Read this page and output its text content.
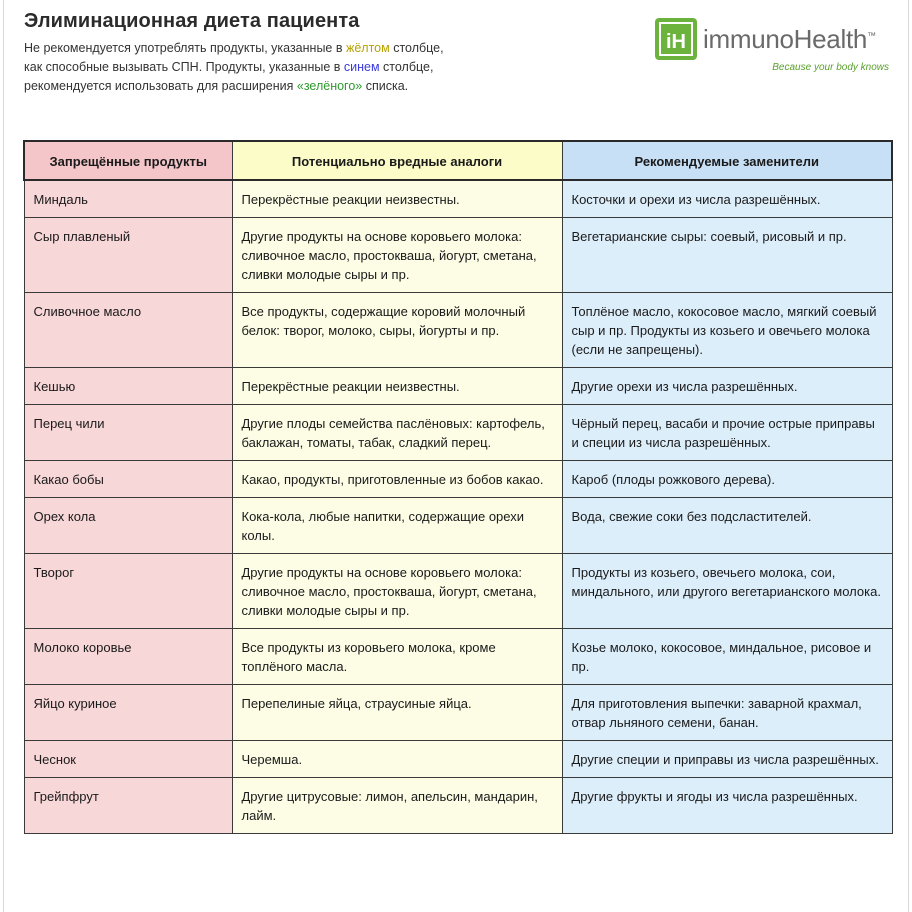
Элиминационная диета пациента
Не рекомендуется употреблять продукты, указанные в жёлтом столбце,
как способные вызывать СПН. Продукты, указанные в синем столбце,
рекомендуется использовать для расширения «зелёного» списка.
iH immunoHealth™
Because your body knows
Запрещённые продукты	Потенциально вредные аналоги	Рекомендуемые заменители
Миндаль	Перекрёстные реакции неизвестны.	Косточки и орехи из числа разрешённых.
Сыр плавленый	Другие продукты на основе коровьего молока: сливочное масло, простокваша, йогурт, сметана, сливки молодые сыры и пр.	Вегетарианские сыры: соевый, рисовый и пр.
Сливочное масло	Все продукты, содержащие коровий молочный белок: творог, молоко, сыры, йогурты и пр.	Топлёное масло, кокосовое масло, мягкий соевый сыр и пр. Продукты из козьего и овечьего молока (если не запрещены).
Кешью	Перекрёстные реакции неизвестны.	Другие орехи из числа разрешённых.
Перец чили	Другие плоды семейства паслёновых: картофель, баклажан, томаты, табак, сладкий перец.	Чёрный перец, васаби и прочие острые приправы и специи из числа разрешённых.
Какао бобы	Какао, продукты, приготовленные из бобов какао.	Кароб (плоды рожкового дерева).
Орех кола	Кока-кола, любые напитки, содержащие орехи колы.	Вода, свежие соки без подсластителей.
Творог	Другие продукты на основе коровьего молока: сливочное масло, простокваша, йогурт, сметана, сливки молодые сыры и пр.	Продукты из козьего, овечьего молока, сои, миндального, или другого вегетарианского молока.
Молоко коровье	Все продукты из коровьего молока, кроме топлёного масла.	Козье молоко, кокосовое, миндальное, рисовое и пр.
Яйцо куриное	Перепелиные яйца, страусиные яйца.	Для приготовления выпечки: заварной крахмал, отвар льняного семени, банан.
Чеснок	Черемша.	Другие специи и приправы из числа разрешённых.
Грейпфрут	Другие цитрусовые: лимон, апельсин, мандарин, лайм.	Другие фрукты и ягоды из числа разрешённых.
